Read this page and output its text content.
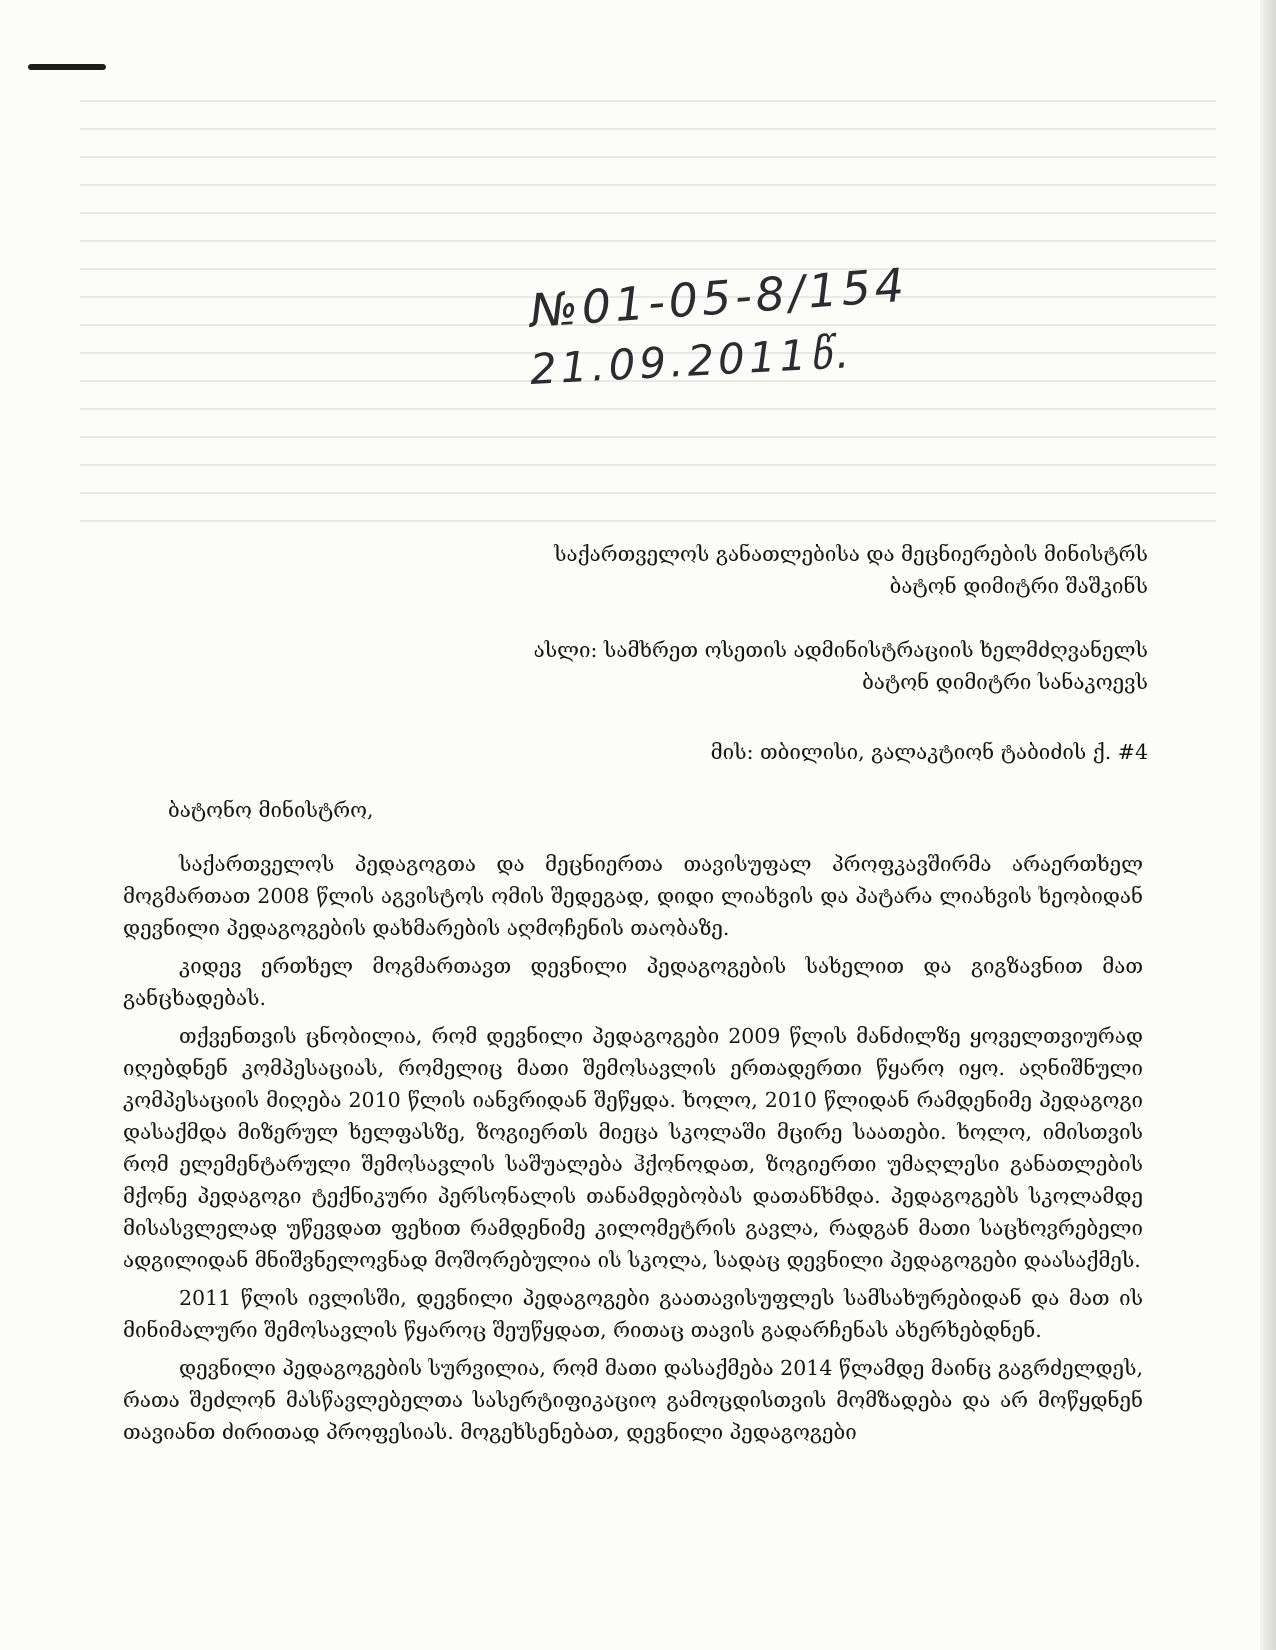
№01-05-8/154
21.09.2011წ.
საქართველოს განათლებისა და მეცნიერების მინისტრს
ბატონ დიმიტრი შაშკინს
ასლი: სამხრეთ ოსეთის ადმინისტრაციის ხელმძღვანელს
ბატონ დიმიტრი სანაკოევს
მის: თბილისი, გალაკტიონ ტაბიძის ქ. #4
ბატონო მინისტრო,

საქართველოს პედაგოგთა და მეცნიერთა თავისუფალ პროფკავშირმა არაერთხელ მოგმართათ 2008 წლის აგვისტოს ომის შედეგად, დიდი ლიახვის და პატარა ლიახვის ხეობიდან დევნილი პედაგოგების დახმარების აღმოჩენის თაობაზე.

კიდევ ერთხელ მოგმართავთ დევნილი პედაგოგების სახელით და გიგზავნით მათ განცხადებას.

თქვენთვის ცნობილია, რომ დევნილი პედაგოგები 2009 წლის მანძილზე ყოველთვიურად იღებდნენ კომპესაციას, რომელიც მათი შემოსავლის ერთადერთი წყარო იყო. აღნიშნული კომპესაციის მიღება 2010 წლის იანვრიდან შეწყდა. ხოლო, 2010 წლიდან რამდენიმე პედაგოგი დასაქმდა მიზერულ ხელფასზე, ზოგიერთს მიეცა სკოლაში მცირე საათები. ხოლო, იმისთვის რომ ელემენტარული შემოსავლის საშუალება ჰქონოდათ, ზოგიერთი უმაღლესი განათლების მქონე პედაგოგი ტექნიკური პერსონალის თანამდებობას დათანხმდა. პედაგოგებს სკოლამდე მისასვლელად უწევდათ ფეხით რამდენიმე კილომეტრის გავლა, რადგან მათი საცხოვრებელი ადგილიდან მნიშვნელოვნად მოშორებულია ის სკოლა, სადაც დევნილი პედაგოგები დაასაქმეს.

2011 წლის ივლისში, დევნილი პედაგოგები გაათავისუფლეს სამსახურებიდან და მათ ის მინიმალური შემოსავლის წყაროც შეუწყდათ, რითაც თავის გადარჩენას ახერხებდნენ.

დევნილი პედაგოგების სურვილია, რომ მათი დასაქმება 2014 წლამდე მაინც გაგრძელდეს, რათა შეძლონ მასწავლებელთა სასერტიფიკაციო გამოცდისთვის მომზადება და არ მოწყდნენ თავიანთ ძირითად პროფესიას. მოგეხსენებათ, დევნილი პედაგოგები
